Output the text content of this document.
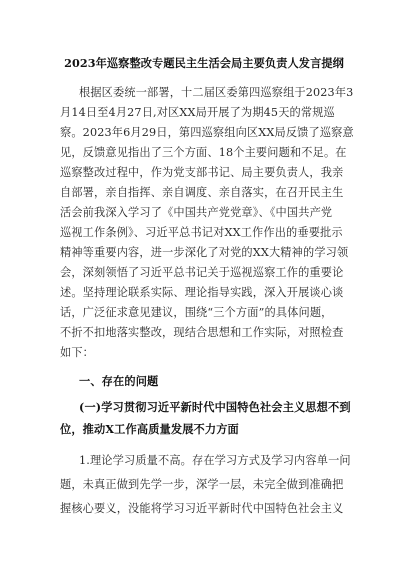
2023年巡察整改专题民主生活会局主要负责人发言提纲
根据区委统一部署，十二届区委第四巡察组于2023年3
月14日至4月27日,对区XX局开展了为期45天的常规巡
察。2023年6月29日，第四巡察组向区XX局反馈了巡察意
见，反馈意见指出了三个方面、18个主要问题和不足。在
巡察整改过程中，作为党支部书记、局主要负责人，我亲
自部署，亲自指挥、亲自调度、亲自落实，在召开民主生
活会前我深入学习了《中国共产党党章》、《中国共产党
巡视工作条例》、习近平总书记对XX工作作出的垂要批示
精神等重要内容，进一步深化了对党的XX大精神的学习领
会，深刻领悟了习近平总书记关于巡视巡察工作的重要论
述。坚持理论联系实际、理论指导实践，深入开展谈心谈
话，广泛征求意见建议，围绕“三个方面”的具体问题，
不折不扣地落实整改，现结合思想和工作实际，对照检查
如下：
一、存在的问题
(一)学习贯彻习近平新时代中国特色社会主义思想不到
位，推动X工作高质量发展不力方面
1.理论学习质量不高。存在学习方式及学习内容单一问
题，未真正做到先学一步，深学一层，未完全做到准确把
握核心要义，没能将学习习近平新时代中国特色社会主义
